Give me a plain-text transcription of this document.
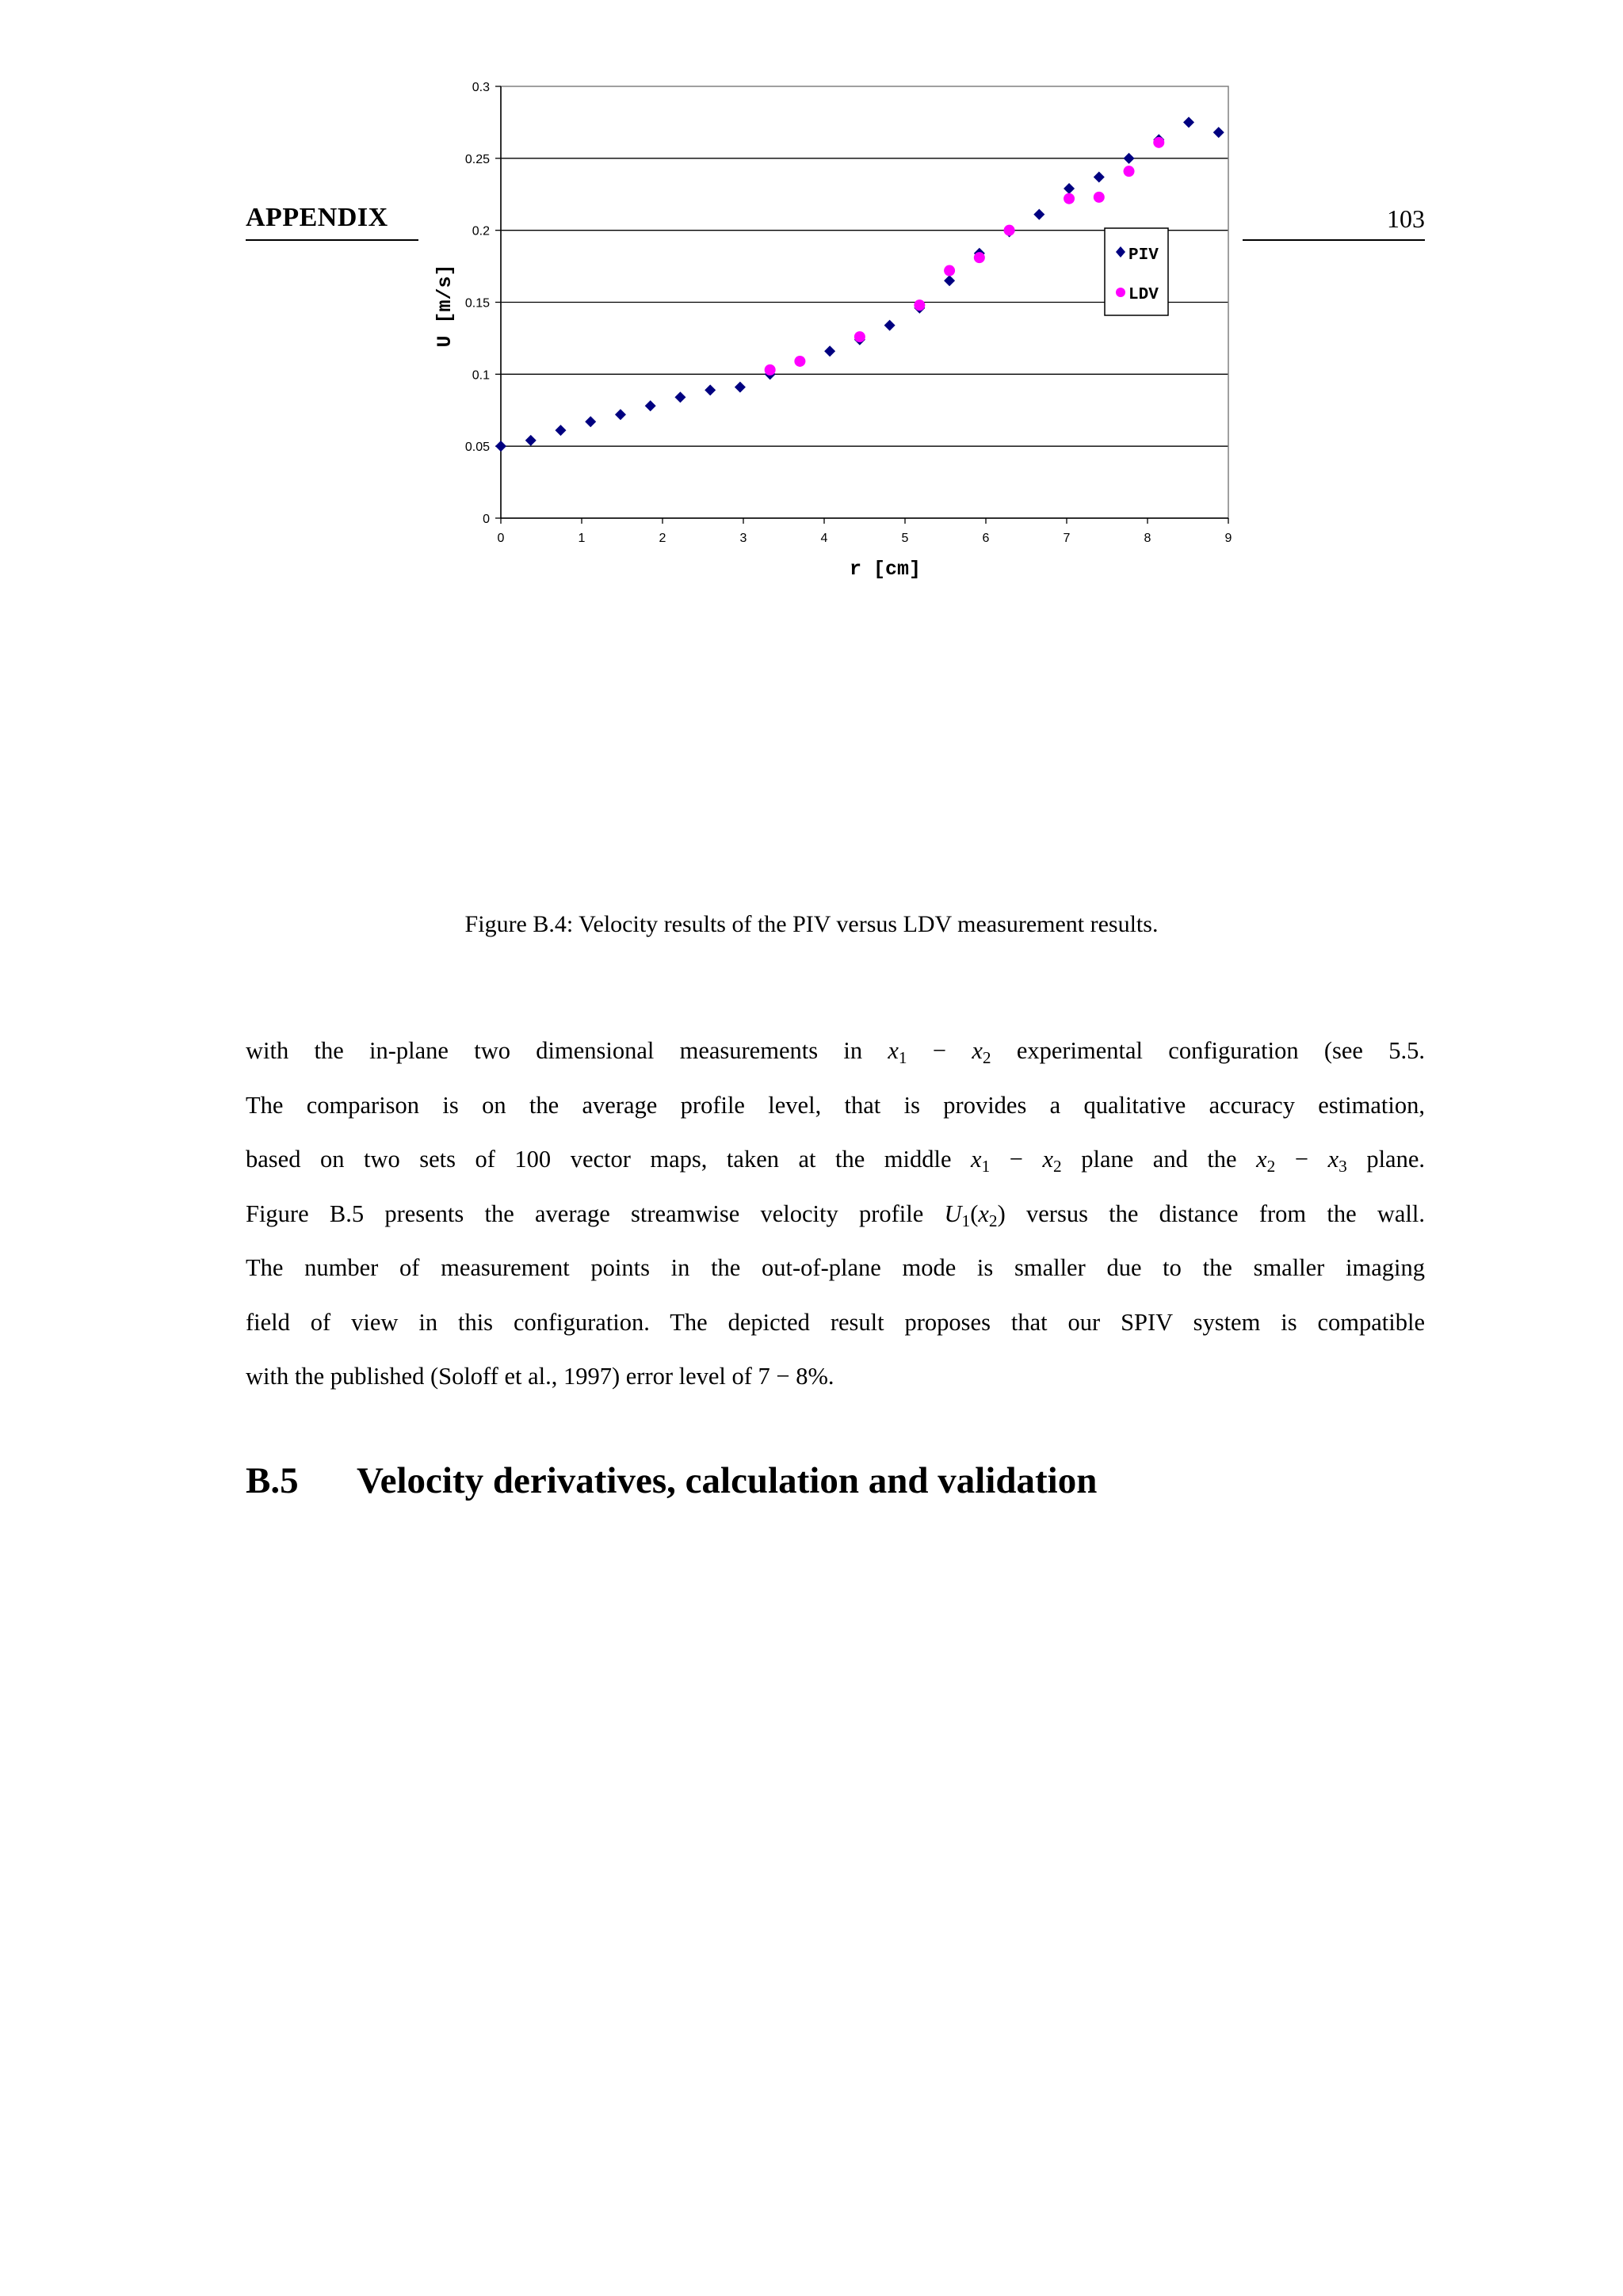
APPENDIX	103
0
0.05
0.1
0.15
0.2
0.25
0.3
0	1	2	3	4	5	6	7	8	9
r [cm]
U [m/s]
PIV
LDV
Figure B.4: Velocity results of the PIV versus LDV measurement results.
with the in-plane two dimensional measurements in $x_1 - x_2$ experimental configuration (see 5.5.
The comparison is on the average profile level, that is provides a qualitative accuracy estimation,
based on two sets of 100 vector maps, taken at the middle $x_1 - x_2$ plane and the $x_2 - x_3$ plane.
Figure B.5 presents the average streamwise velocity profile $U_1(x_2)$ versus the distance from the wall.
The number of measurement points in the out-of-plane mode is smaller due to the smaller imaging
field of view in this configuration. The depicted result proposes that our SPIV system is compatible
with the published (Soloff et al., 1997) error level of 7 − 8%.
B.5 Velocity derivatives, calculation and validation
